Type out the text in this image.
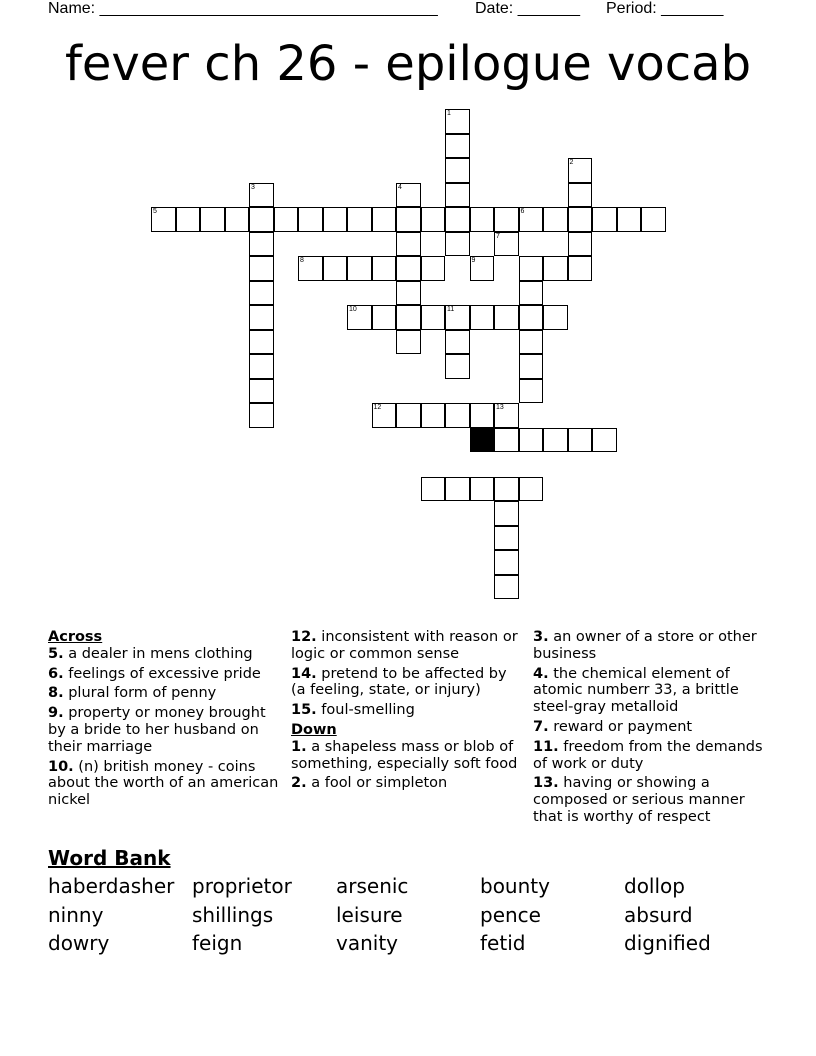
Name: ______________________________________ Date: _______ Period: _______
fever ch 26 - epilogue vocab
1
2
3	4
5	6
7
8	9
10	11
12	13

Across

5. a dealer in mens clothing

6. feelings of excessive pride

8. plural form of penny

9. property or money brought by a bride to her husband on their marriage

10. (n) british money - coins about the worth of an american nickel

12. inconsistent with reason or logic or common sense

14. pretend to be affected by (a feeling, state, or injury)

15. foul-smelling

Down

1. a shapeless mass or blob of something, especially soft food

2. a fool or simpleton

3. an owner of a store or other business

4. the chemical element of atomic numberr 33, a brittle steel-gray metalloid

7. reward or payment

11. freedom from the demands of work or duty

13. having or showing a composed or serious manner that is worthy of respect

Word Bank
haberdasher proprietor arsenic	bounty	dollop
ninny	shillings	leisure	pence	absurd
dowry	feign	vanity	fetid	dignified
